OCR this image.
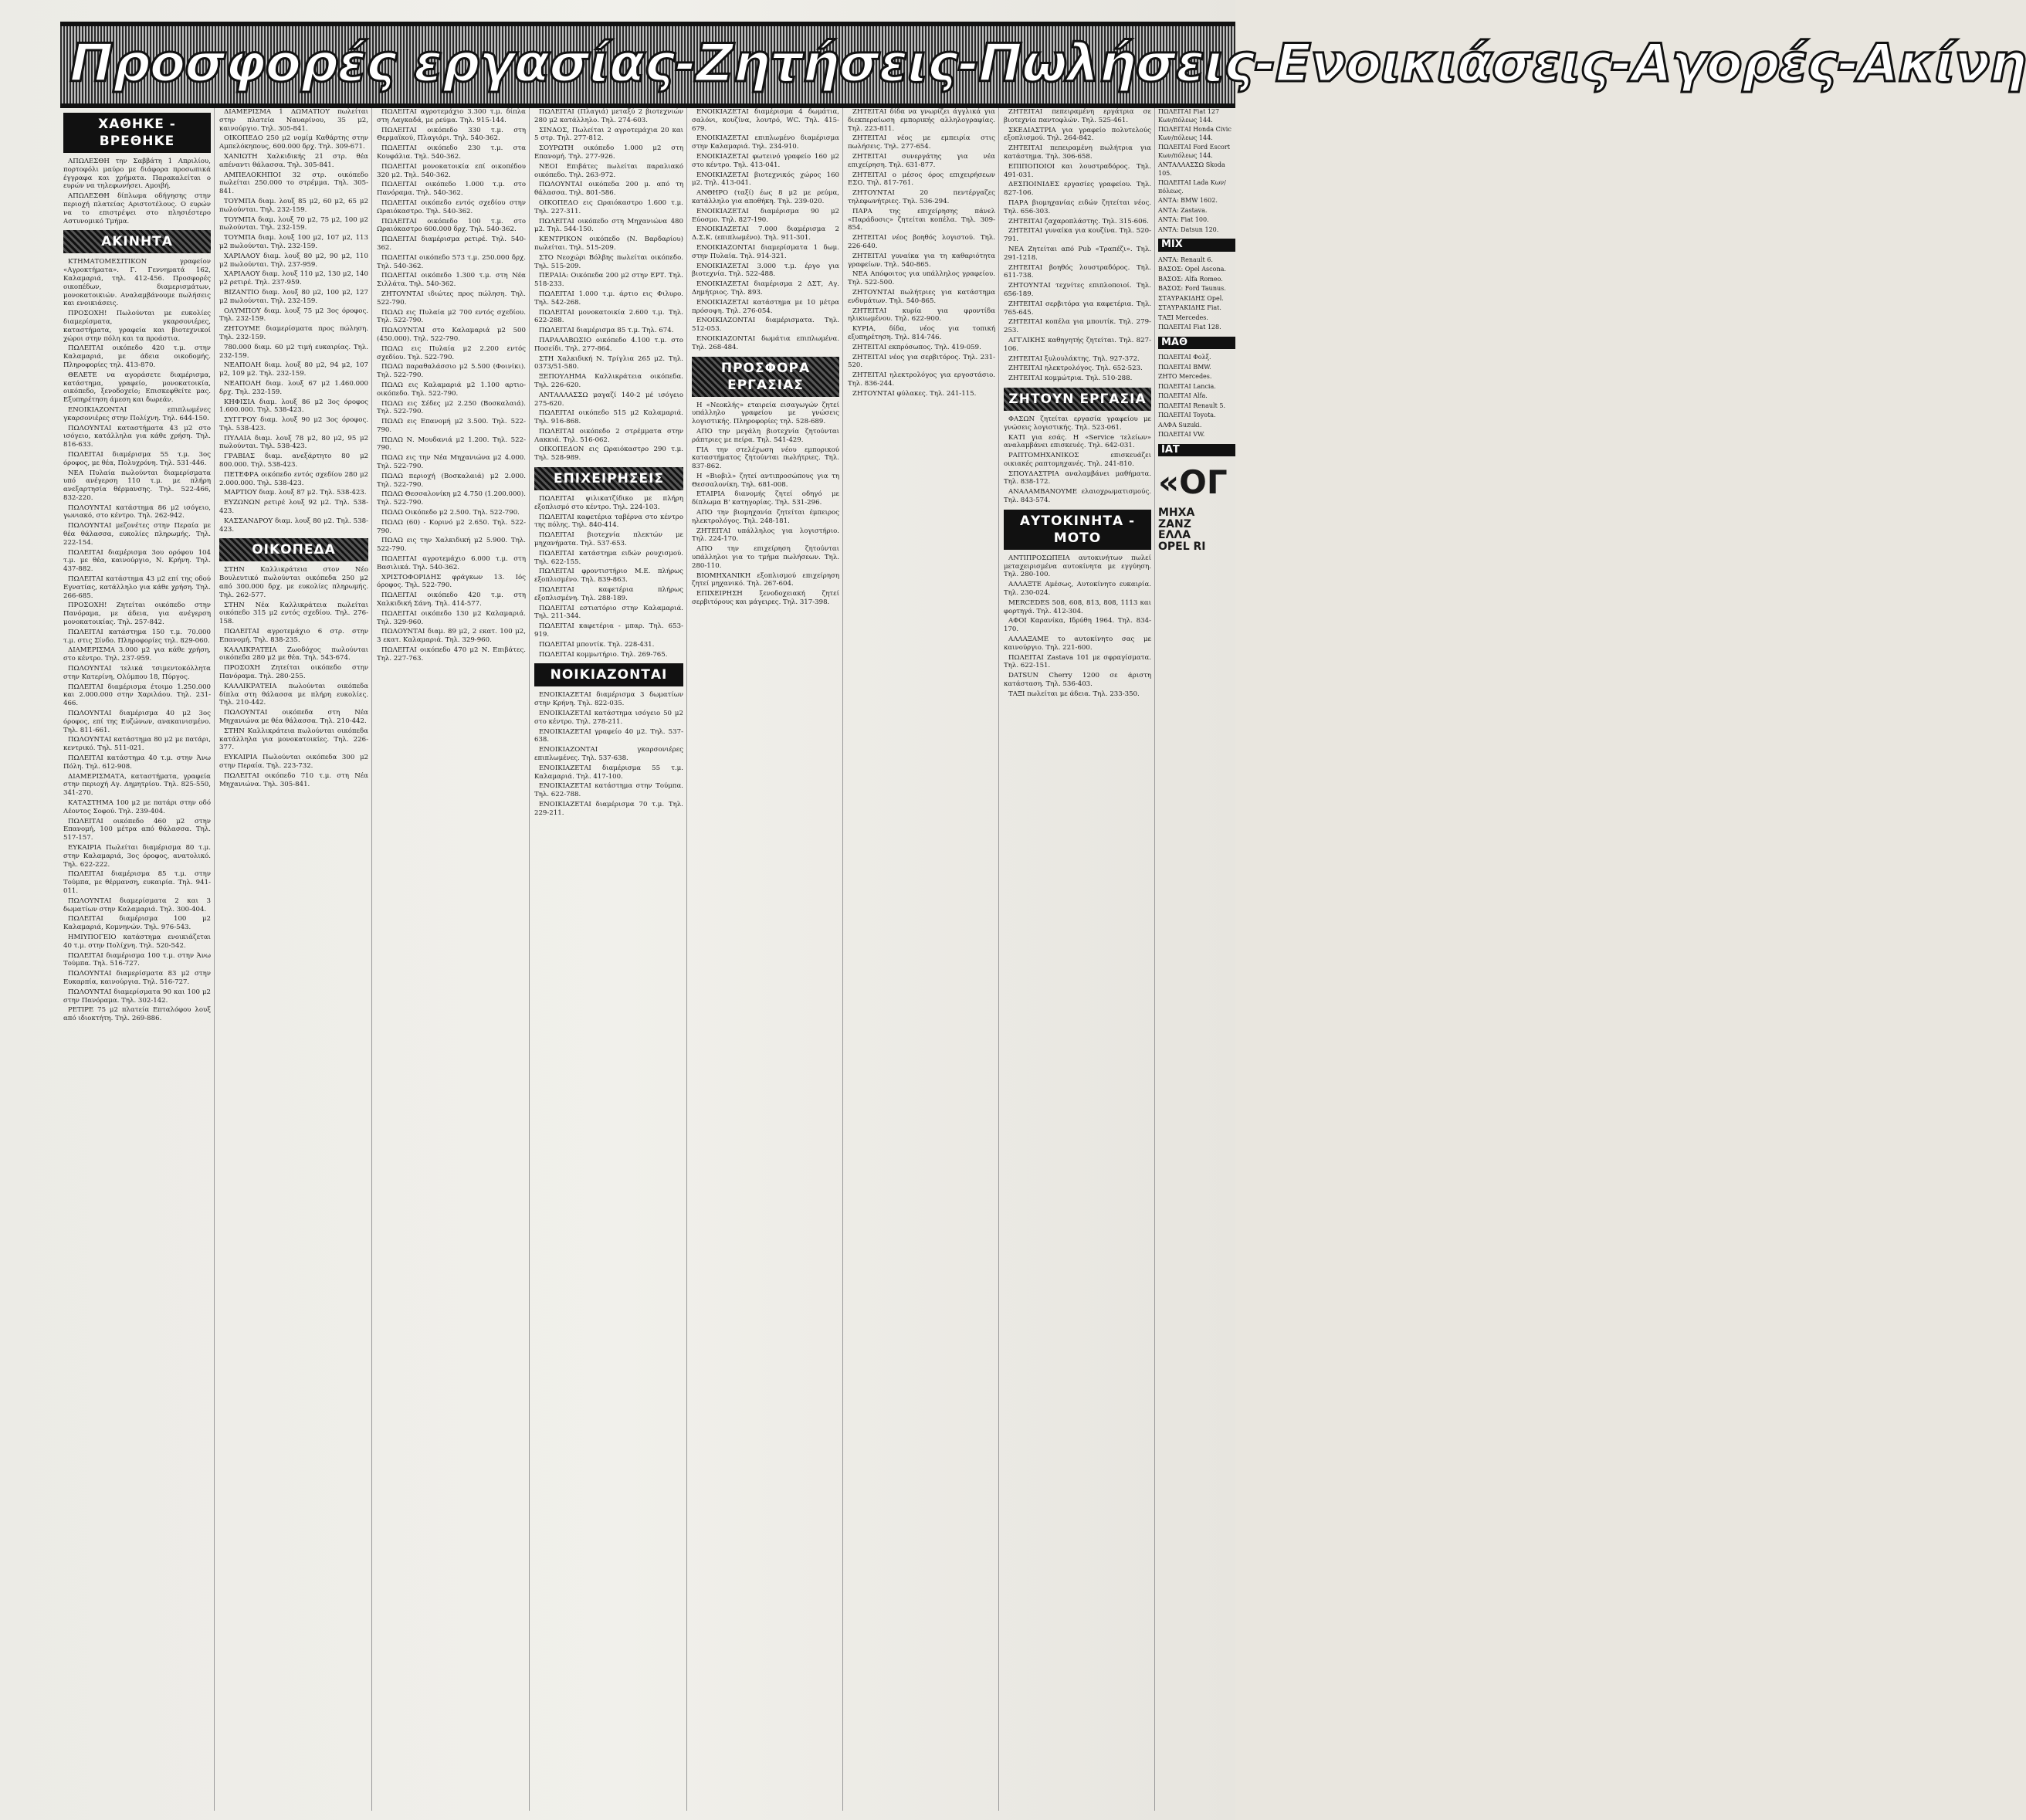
Προσφορές εργασίας-Ζητήσεις-Πωλήσεις-Ενοικιάσεις-Αγορές-Ακίνη
ΧΑΘΗΚΕ - ΒΡΕΘΗΚΕ

ΑΠΩΛΕΣΘΗ την Σαββάτη 1 Απριλίου, πορτοφόλι μαύρο με διάφορα προσωπικά έγγραφα και χρήματα. Παρακαλείται ο ευρών να τηλεφωνήσει. Αμοιβή.

ΑΠΩΛΕΣΘΗ δίπλωμα οδήγησης στην περιοχή πλατείας Αριστοτέλους. Ο ευρών να το επιστρέψει στο πλησιέστερο Αστυνομικό Τμήμα.

ΑΚΙΝΗΤΑ

ΚΤΗΜΑΤΟΜΕΣΙΤΙΚΟΝ γραφείον «Αγροκτήματα». Γ. Γεννηματά 162, Καλαμαριά, τηλ. 412-456. Προσφορές οικοπέδων, διαμερισμάτων, μονοκατοικιών. Αναλαμβάνουμε πωλήσεις και ενοικιάσεις.

ΠΡΟΣΟΧΗ! Πωλούνται με ευκολίες διαμερίσματα, γκαρσονιέρες, καταστήματα, γραφεία και βιοτεχνικοί χώροι στην πόλη και τα προάστια.

ΠΩΛΕΙΤΑΙ οικόπεδο 420 τ.μ. στην Καλαμαριά, με άδεια οικοδομής. Πληροφορίες τηλ. 413-870.

ΘΕΛΕΤΕ να αγοράσετε διαμέρισμα, κατάστημα, γραφείο, μονοκατοικία, οικόπεδο, ξενοδοχείο; Επισκεφθείτε μας. Εξυπηρέτηση άμεση και δωρεάν.

ΕΝΟΙΚΙΑΖΟΝΤΑΙ επιπλωμένες γκαρσονιέρες στην Πολίχνη. Τηλ. 644-150.

ΠΩΛΟΥΝΤΑΙ καταστήματα 43 μ2 στο ισόγειο, κατάλληλα για κάθε χρήση. Τηλ. 816-633.

ΠΩΛΕΙΤΑΙ διαμέρισμα 55 τ.μ. 3ος όροφος, με θέα, Πολυχρόνη. Τηλ. 531-446.

ΝΕΑ Πυλαία πωλούνται διαμερίσματα υπό ανέγερση 110 τ.μ. με πλήρη ανεξαρτησία θέρμανσης. Τηλ. 522-466, 832-220.

ΠΩΛΟΥΝΤΑΙ κατάστημα 86 μ2 ισόγειο, γωνιακό, στο κέντρο. Τηλ. 262-942.

ΠΩΛΟΥΝΤΑΙ μεζονέτες στην Περαία με θέα θάλασσα, ευκολίες πληρωμής. Τηλ. 222-154.

ΠΩΛΕΙΤΑΙ διαμέρισμα 3ου ορόφου 104 τ.μ. με θέα, καινούργιο, Ν. Κρήνη. Τηλ. 437-882.

ΠΩΛΕΙΤΑΙ κατάστημα 43 μ2 επί της οδού Εγνατίας, κατάλληλο για κάθε χρήση. Τηλ. 266-685.

ΠΡΟΣΟΧΗ! Ζητείται οικόπεδο στην Πανόραμα, με άδεια, για ανέγερση μονοκατοικίας. Τηλ. 257-842.

ΠΩΛΕΙΤΑΙ κατάστημα 150 τ.μ. 70.000 τ.μ. στις Σίνδο. Πληροφορίες τηλ. 829-060.

ΔΙΑΜΕΡΙΣΜΑ 3.000 μ2 για κάθε χρήση, στο κέντρο. Τηλ. 237-959.

ΠΩΛΟΥΝΤΑΙ τελικά τσιμεντοκόλλητα στην Κατερίνη, Ολύμπου 18, Πύργος.

ΠΩΛΕΙΤΑΙ διαμέρισμα έτοιμο 1.250.000 και 2.000.000 στην Χαριλάου. Τηλ. 231-466.

ΠΩΛΟΥΝΤΑΙ διαμέρισμα 40 μ2 3ος όροφος, επί της Ευζώνων, ανακαινισμένο. Τηλ. 811-661.

ΠΩΛΟΥΝΤΑΙ κατάστημα 80 μ2 με πατάρι, κεντρικό. Τηλ. 511-021.

ΠΩΛΕΙΤΑΙ κατάστημα 40 τ.μ. στην Άνω Πόλη. Τηλ. 612-908.

ΔΙΑΜΕΡΙΣΜΑΤΑ, καταστήματα, γραφεία στην περιοχή Αγ. Δημητρίου. Τηλ. 825-550, 341-270.

ΚΑΤΑΣΤΗΜΑ 100 μ2 με πατάρι στην οδό Λέοντος Σοφού. Τηλ. 239-404.

ΠΩΛΕΙΤΑΙ οικόπεδο 460 μ2 στην Επανομή, 100 μέτρα από θάλασσα. Τηλ. 517-157.

ΕΥΚΑΙΡΙΑ Πωλείται διαμέρισμα 80 τ.μ. στην Καλαμαριά, 3ος όροφος, ανατολικό. Τηλ. 622-222.

ΠΩΛΕΙΤΑΙ διαμέρισμα 85 τ.μ. στην Τούμπα, με θέρμανση, ευκαιρία. Τηλ. 941-011.

ΠΩΛΟΥΝΤΑΙ διαμερίσματα 2 και 3 δωματίων στην Καλαμαριά. Τηλ. 300-404.

ΠΩΛΕΙΤΑΙ διαμέρισμα 100 μ2 Καλαμαριά, Κομνηνών. Τηλ. 976-543.

ΗΜΙΥΠΟΓΕΙΟ κατάστημα ενοικιάζεται 40 τ.μ. στην Πολίχνη. Τηλ. 520-542.

ΠΩΛΕΙΤΑΙ διαμέρισμα 100 τ.μ. στην Άνω Τούμπα. Τηλ. 516-727.

ΠΩΛΟΥΝΤΑΙ διαμερίσματα 83 μ2 στην Ευκαρπία, καινούργια. Τηλ. 516-727.

ΠΩΛΟΥΝΤΑΙ διαμερίσματα 90 και 100 μ2 στην Πανόραμα. Τηλ. 302-142.

ΡΕΤΙΡΕ 75 μ2 πλατεία Επταλόφου λουξ από ιδιοκτήτη. Τηλ. 269-886.

ΔΙΑΜΕΡΙΣΜΑ 1 ΔΩΜΑΤΙΟΥ πωλείται στην πλατεία Ναυαρίνου, 35 μ2, καινούργιο. Τηλ. 305-841.

ΟΙΚΟΠΕΔΟ 250 μ2 νομίμ Καθάρτης στην Αμπελόκηπους, 600.000 δρχ. Τηλ. 309-671.

ΧΑΝΙΩΤΗ Χαλκιδικής 21 στρ. θέα απέναντι θάλασσα. Τηλ. 305-841.

ΑΜΠΕΛΟΚΗΠΟΙ 32 στρ. οικόπεδο πωλείται 250.000 το στρέμμα. Τηλ. 305-841.

ΤΟΥΜΠΑ διαμ. λουξ 85 μ2, 60 μ2, 65 μ2 πωλούνται. Τηλ. 232-159.

ΤΟΥΜΠΑ διαμ. λουξ 70 μ2, 75 μ2, 100 μ2 πωλούνται. Τηλ. 232-159.

ΤΟΥΜΠΑ διαμ. λουξ 100 μ2, 107 μ2, 113 μ2 πωλούνται. Τηλ. 232-159.

ΧΑΡΙΛΑΟΥ διαμ. λουξ 80 μ2, 90 μ2, 110 μ2 πωλούνται. Τηλ. 237-959.

ΧΑΡΙΛΑΟΥ διαμ. λουξ 110 μ2, 130 μ2, 140 μ2 ρετιρέ. Τηλ. 237-959.

ΒΙΖΑΝΤΙΟ διαμ. λουξ 80 μ2, 100 μ2, 127 μ2 πωλούνται. Τηλ. 232-159.

ΟΛΥΜΠΟΥ διαμ. λουξ 75 μ2 3ος όροφος. Τηλ. 232-159.

ΖΗΤΟΥΜΕ διαμερίσματα προς πώληση. Τηλ. 232-159.

780.000 διαμ. 60 μ2 τιμή ευκαιρίας. Τηλ. 232-159.

ΝΕΑΠΟΛΗ διαμ. λουξ 80 μ2, 94 μ2, 107 μ2, 109 μ2. Τηλ. 232-159.

ΝΕΑΠΟΛΗ διαμ. λουξ 67 μ2 1.460.000 δρχ. Τηλ. 232-159.

ΚΗΦΙΣΙΑ διαμ. λουξ 86 μ2 3ος όροφος 1.600.000. Τηλ. 538-423.

ΣΥΓΓΡΟΥ διαμ. λουξ 90 μ2 3ος όροφος. Τηλ. 538-423.

ΠΥΛΑΙΑ διαμ. λουξ 78 μ2, 80 μ2, 95 μ2 πωλούνται. Τηλ. 538-423.

ΓΡΑΒΙΑΣ διαμ. ανεξάρτητο 80 μ2 800.000. Τηλ. 538-423.

ΠΕΤΕΦΡΑ οικόπεδο εντός σχεδίου 280 μ2 2.000.000. Τηλ. 538-423.

ΜΑΡΤΙΟΥ διαμ. λουξ 87 μ2. Τηλ. 538-423.

ΕΥΖΩΝΩΝ ρετιρέ λουξ 92 μ2. Τηλ. 538-423.

ΚΑΣΣΑΝΔΡΟΥ διαμ. λουξ 80 μ2. Τηλ. 538-423.

ΟΙΚΟΠΕΔΑ

ΣΤΗΝ Καλλικράτεια στον Νέο Βουλευτικό πωλούνται οικόπεδα 250 μ2 από 300.000 δρχ. με ευκολίες πληρωμής. Τηλ. 262-577.

ΣΤΗΝ Νέα Καλλικράτεια πωλείται οικόπεδο 315 μ2 εντός σχεδίου. Τηλ. 276-158.

ΠΩΛΕΙΤΑΙ αγροτεμάχιο 6 στρ. στην Επανομή. Τηλ. 838-235.

ΚΑΛΛΙΚΡΑΤΕΙΑ Ζωοδόχος πωλούνται οικόπεδα 280 μ2 με θέα. Τηλ. 543-674.

ΠΡΟΣΟΧΗ Ζητείται οικόπεδο στην Πανόραμα. Τηλ. 280-255.

ΚΑΛΛΙΚΡΑΤΕΙΑ πωλούνται οικόπεδα δίπλα στη θάλασσα με πλήρη ευκολίες. Τηλ. 210-442.

ΠΩΛΟΥΝΤΑΙ οικόπεδα στη Νέα Μηχανιώνα με θέα θάλασσα. Τηλ. 210-442.

ΣΤΗΝ Καλλικράτεια πωλούνται οικόπεδα κατάλληλα για μονοκατοικίες. Τηλ. 226-377.

ΕΥΚΑΙΡΙΑ Πωλούνται οικόπεδα 300 μ2 στην Περαία. Τηλ. 223-732.

ΠΩΛΕΙΤΑΙ οικόπεδο 710 τ.μ. στη Νέα Μηχανιώνα. Τηλ. 305-841.

ΠΩΛΕΙΤΑΙ αγροτεμάχιο 3.300 τ.μ. δίπλα στη Λαγκαδά, με ρεύμα. Τηλ. 915-144.

ΠΩΛΕΙΤΑΙ οικόπεδο 330 τ.μ. στη Θερμαϊκού, Πλαγιάρι. Τηλ. 540-362.

ΠΩΛΕΙΤΑΙ οικόπεδο 230 τ.μ. στα Κουφάλια. Τηλ. 540-362.

ΠΩΛΕΙΤΑΙ μονοκατοικία επί οικοπέδου 320 μ2. Τηλ. 540-362.

ΠΩΛΕΙΤΑΙ οικόπεδο 1.000 τ.μ. στο Πανόραμα. Τηλ. 540-362.

ΠΩΛΕΙΤΑΙ οικόπεδο εντός σχεδίου στην Ωραιόκαστρο. Τηλ. 540-362.

ΠΩΛΕΙΤΑΙ οικόπεδο 100 τ.μ. στο Ωραιόκαστρο 600.000 δρχ. Τηλ. 540-362.

ΠΩΛΕΙΤΑΙ διαμέρισμα ρετιρέ. Τηλ. 540-362.

ΠΩΛΕΙΤΑΙ οικόπεδο 573 τ.μ. 250.000 δρχ. Τηλ. 540-362.

ΠΩΛΕΙΤΑΙ οικόπεδο 1.300 τ.μ. στη Νέα Σιλλάτα. Τηλ. 540-362.

ΖΗΤΟΥΝΤΑΙ ιδιώτες προς πώληση. Τηλ. 522-790.

ΠΩΛΩ εις Πυλαία μ2 700 εντός σχεδίου. Τηλ. 522-790.

ΠΩΛΟΥΝΤΑΙ στο Καλαμαριά μ2 500 (450.000). Τηλ. 522-790.

ΠΩΛΩ εις Πυλαία μ2 2.200 εντός σχεδίου. Τηλ. 522-790.

ΠΩΛΩ παραθαλάσσιο μ2 5.500 (Φοινίκι). Τηλ. 522-790.

ΠΩΛΩ εις Καλαμαριά μ2 1.100 αρτιο-οικόπεδο. Τηλ. 522-790.

ΠΩΛΩ εις Σέδες μ2 2.250 (Βοσκαλαιά). Τηλ. 522-790.

ΠΩΛΩ εις Επανομή μ2 3.500. Τηλ. 522-790.

ΠΩΛΩ Ν. Μουδανιά μ2 1.200. Τηλ. 522-790.

ΠΩΛΩ εις την Νέα Μηχανιώνα μ2 4.000. Τηλ. 522-790.

ΠΩΛΩ περιοχή (Βοσκαλαιά) μ2 2.000. Τηλ. 522-790.

ΠΩΛΩ Θεσσαλονίκη μ2 4.750 (1.200.000). Τηλ. 522-790.

ΠΩΛΩ Οικόπεδο μ2 2.500. Τηλ. 522-790.

ΠΩΛΩ (60) - Κορινό μ2 2.650. Τηλ. 522-790.

ΠΩΛΩ εις την Χαλκιδική μ2 5.900. Τηλ. 522-790.

ΠΩΛΕΙΤΑΙ αγροτεμάχιο 6.000 τ.μ. στη Βασιλικά. Τηλ. 540-362.

ΧΡΙΣΤΟΦΟΡΙΔΗΣ φράγκων 13. Ιός όροφος. Τηλ. 522-790.

ΠΩΛΕΙΤΑΙ οικόπεδο 420 τ.μ. στη Χαλκιδική Σάνη. Τηλ. 414-577.

ΠΩΛΕΙΤΑΙ οικόπεδο 130 μ2 Καλαμαριά. Τηλ. 329-960.

ΠΩΛΟΥΝΤΑΙ διαμ. 89 μ2, 2 εκατ. 100 μ2, 3 εκατ. Καλαμαριά. Τηλ. 329-960.

ΠΩΛΕΙΤΑΙ οικόπεδο 470 μ2 Ν. Επιβάτες. Τηλ. 227-763.

ΠΩΛΕΙΤΑΙ (Πλαγιά) μεταξύ 2 βιοτεχνιών 280 μ2 κατάλληλο. Τηλ. 274-603.

ΣΙΝΔΟΣ, Πωλείται 2 αγροτεμάχια 20 και 5 στρ. Τηλ. 277-812.

ΣΟΥΡΩΤΗ οικόπεδο 1.000 μ2 στη Επανομή. Τηλ. 277-926.

ΝΕΟΙ Επιβάτες πωλείται παραλιακό οικόπεδο. Τηλ. 263-972.

ΠΩΛΟΥΝΤΑΙ οικόπεδα 200 μ. από τη θάλασσα. Τηλ. 801-586.

ΟΙΚΟΠΕΔΟ εις Ωραιόκαστρο 1.600 τ.μ. Τηλ. 227-311.

ΠΩΛΕΙΤΑΙ οικόπεδο στη Μηχανιώνα 480 μ2. Τηλ. 544-150.

ΚΕΝΤΡΙΚΟΝ οικόπεδο (Ν. Βαρδαρίου) πωλείται. Τηλ. 515-209.

ΣΤΟ Νεοχώρι Βόλβης πωλείται οικόπεδο. Τηλ. 515-209.

ΠΕΡΑΙΑ: Οικόπεδα 200 μ2 στην ΕΡΤ. Τηλ. 518-233.

ΠΩΛΕΙΤΑΙ 1.000 τ.μ. άρτιο εις Φιλυρο. Τηλ. 542-268.

ΠΩΛΕΙΤΑΙ μονοκατοικία 2.600 τ.μ. Τηλ. 622-288.

ΠΩΛΕΙΤΑΙ διαμέρισμα 85 τ.μ. Τηλ. 674.

ΠΑΡΑΛΑΒΩΣΙΟ οικόπεδο 4.100 τ.μ. στο Ποσείδι. Τηλ. 277-864.

ΣΤΗ Χαλκιδική Ν. Τρίγλια 265 μ2. Τηλ. 0373/51-580.

ΞΕΠΟΥΛΗΜΑ Καλλικράτεια οικόπεδα. Τηλ. 226-620.

ΑΝΤΑΛΛΑΣΣΩ μαγαζί 140-2 μέ ισόγειο 275-620.

ΠΩΛΕΙΤΑΙ οικόπεδο 515 μ2 Καλαμαριά. Τηλ. 916-868.

ΠΩΛΕΙΤΑΙ οικόπεδο 2 στρέμματα στην Λακκιά. Τηλ. 516-062.

ΟΙΚΟΠΕΔΟΝ εις Ωραιόκαστρο 290 τ.μ. Τηλ. 528-989.

ΕΠΙΧΕΙΡΗΣΕΙΣ

ΠΩΛΕΙΤΑΙ ψιλικατζίδικο με πλήρη εξοπλισμό στο κέντρο. Τηλ. 224-103.

ΠΩΛΕΙΤΑΙ καφετέρια ταβέρνα στο κέντρο της πόλης. Τηλ. 840-414.

ΠΩΛΕΙΤΑΙ βιοτεχνία πλεκτών με μηχανήματα. Τηλ. 537-653.

ΠΩΛΕΙΤΑΙ κατάστημα ειδών ρουχισμού. Τηλ. 622-155.

ΠΩΛΕΙΤΑΙ φροντιστήριο Μ.Ε. πλήρως εξοπλισμένο. Τηλ. 839-863.

ΠΩΛΕΙΤΑΙ καφετέρια πλήρως εξοπλισμένη. Τηλ. 288-189.

ΠΩΛΕΙΤΑΙ εστιατόριο στην Καλαμαριά. Τηλ. 211-344.

ΠΩΛΕΙΤΑΙ καφετέρια - μπαρ. Τηλ. 653-919.

ΠΩΛΕΙΤΑΙ μπουτίκ. Τηλ. 228-431.

ΠΩΛΕΙΤΑΙ κομμωτήριο. Τηλ. 269-765.

ΝΟΙΚΙΑΖΟΝΤΑΙ

ΕΝΟΙΚΙΑΖΕΤΑΙ διαμέρισμα 3 δωματίων στην Κρήνη. Τηλ. 822-035.

ΕΝΟΙΚΙΑΖΕΤΑΙ κατάστημα ισόγειο 50 μ2 στο κέντρο. Τηλ. 278-211.

ΕΝΟΙΚΙΑΖΕΤΑΙ γραφείο 40 μ2. Τηλ. 537-638.

ΕΝΟΙΚΙΑΖΟΝΤΑΙ γκαρσονιέρες επιπλωμένες. Τηλ. 537-638.

ΕΝΟΙΚΙΑΖΕΤΑΙ διαμέρισμα 55 τ.μ. Καλαμαριά. Τηλ. 417-100.

ΕΝΟΙΚΙΑΖΕΤΑΙ κατάστημα στην Τούμπα. Τηλ. 622-788.

ΕΝΟΙΚΙΑΖΕΤΑΙ διαμέρισμα 70 τ.μ. Τηλ. 229-211.

ΕΝΟΙΚΙΑΖΕΤΑΙ διαμέρισμα 4 δωμάτια, σαλόνι, κουζίνα, λουτρό, WC. Τηλ. 415-679.

ΕΝΟΙΚΙΑΖΕΤΑΙ επιπλωμένο διαμέρισμα στην Καλαμαριά. Τηλ. 234-910.

ΕΝΟΙΚΙΑΖΕΤΑΙ φωτεινό γραφείο 160 μ2 στο κέντρο. Τηλ. 413-041.

ΕΝΟΙΚΙΑΖΕΤΑΙ βιοτεχνικός χώρος 160 μ2. Τηλ. 413-041.

ΑΝΘΗΡΟ (ταξί) έως 8 μ2 με ρεύμα, κατάλληλο για αποθήκη. Τηλ. 239-020.

ΕΝΟΙΚΙΑΖΕΤΑΙ διαμέρισμα 90 μ2 Εύοσμο. Τηλ. 827-190.

ΕΝΟΙΚΙΑΖΕΤΑΙ 7.000 διαμέρισμα 2 Δ.Σ.Κ. (επιπλωμένο). Τηλ. 911-301.

ΕΝΟΙΚΙΑΖΟΝΤΑΙ διαμερίσματα 1 δωμ. στην Πυλαία. Τηλ. 914-321.

ΕΝΟΙΚΙΑΖΕΤΑΙ 3.000 τ.μ. έργο για βιοτεχνία. Τηλ. 522-488.

ΕΝΟΙΚΙΑΖΕΤΑΙ διαμέρισμα 2 ΔΣΤ, Αγ. Δημήτριος. Τηλ. 893.

ΕΝΟΙΚΙΑΖΕΤΑΙ κατάστημα με 10 μέτρα πρόσοψη. Τηλ. 276-054.

ΕΝΟΙΚΙΑΖΟΝΤΑΙ διαμέρισματα. Τηλ. 512-053.

ΕΝΟΙΚΙΑΖΟΝΤΑΙ δωμάτια επιπλωμένα. Τηλ. 268-484.

ΠΡΟΣΦΟΡΑ ΕΡΓΑΣΙΑΣ

Η «Νεοκλής» εταιρεία εισαγωγών ζητεί υπάλληλο γραφείου με γνώσεις λογιστικής. Πληροφορίες τηλ. 528-689.

ΑΠΟ την μεγάλη βιοτεχνία ζητούνται ράπτριες με πείρα. Τηλ. 541-429.

ΓΙΑ την στελέχωση νέου εμπορικού καταστήματος ζητούνται πωλήτριες. Τηλ. 837-862.

Η «Βιοβιλ» ζητεί αντιπροσώπους για τη Θεσσαλονίκη. Τηλ. 681-008.

ΕΤΑΙΡΙΑ διανομής ζητεί οδηγό με δίπλωμα Β' κατηγορίας. Τηλ. 531-296.

ΑΠΟ την βιομηχανία ζητείται έμπειρος ηλεκτρολόγος. Τηλ. 248-181.

ΖΗΤΕΙΤΑΙ υπάλληλος για λογιστήριο. Τηλ. 224-170.

ΑΠΟ την επιχείρηση ζητούνται υπάλληλοι για το τμήμα πωλήσεων. Τηλ. 280-110.

ΒΙΟΜΗΧΑΝΙΚΗ εξοπλισμού επιχείρηση ζητεί μηχανικό. Τηλ. 267-604.

ΕΠΙΧΕΙΡΗΣΗ ξενοδοχειακή ζητεί σερβιτόρους και μάγειρες. Τηλ. 317-398.

ΖΗΤΕΙΤΑΙ δίδα να γνωρίζει άγγλικά για διεκπεραίωση εμπορικής αλληλογραφίας. Τηλ. 223-811.

ΖΗΤΕΙΤΑΙ νέος με εμπειρία στις πωλήσεις. Τηλ. 277-654.

ΖΗΤΕΙΤΑΙ συνεργάτης για νέα επιχείρηση. Τηλ. 631-877.

ΖΗΤΕΙΤΑΙ ο μέσος όρος επιχειρήσεων ΕΣΟ. Τηλ. 817-761.

ΖΗΤΟΥΝΤΑΙ 20 πεντέργαζες τηλεφωνήτριες. Τηλ. 536-294.

ΠΑΡΑ της επιχείρησης πάνελ «Παράδοσις» ζητείται κοπέλα. Τηλ. 309-854.

ΖΗΤΕΙΤΑΙ νέος βοηθός λογιστού. Τηλ. 226-640.

ΖΗΤΕΙΤΑΙ γυναίκα για τη καθαριότητα γραφείων. Τηλ. 540-865.

ΝΕΑ Απόφοιτος για υπάλληλος γραφείου. Τηλ. 522-500.

ΖΗΤΟΥΝΤΑΙ πωλήτριες για κατάστημα ενδυμάτων. Τηλ. 540-865.

ΖΗΤΕΙΤΑΙ κυρία για φροντίδα ηλικιωμένου. Τηλ. 622-900.

ΚΥΡΙΑ, δίδα, νέος για τοπική εξυπηρέτηση. Τηλ. 814-746.

ΖΗΤΕΙΤΑΙ εκπρόσωπος. Τηλ. 419-059.

ΖΗΤΕΙΤΑΙ νέος για σερβιτόρος. Τηλ. 231-520.

ΖΗΤΕΙΤΑΙ ηλεκτρολόγος για εργοστάσιο. Τηλ. 836-244.

ΖΗΤΟΥΝΤΑΙ φύλακες. Τηλ. 241-115.

ΖΗΤΕΙΤΑΙ πεπειραμένη εργάτρια σε βιοτεχνία παντοφλών. Τηλ. 525-461.

ΣΚΕΔΙΑΣΤΡΙΑ για γραφείο πολυτελούς εξοπλισμού. Τηλ. 264-842.

ΖΗΤΕΙΤΑΙ πεπειραμένη πωλήτρια για κατάστημα. Τηλ. 306-658.

ΕΠΙΠΟΠΟΙΟΙ και λουστραδόρος. Τηλ. 491-031.

ΔΕΣΠΟΙΝΙΔΕΣ εργασίες γραφείου. Τηλ. 827-106.

ΠΑΡΑ βιομηχανίας ειδών ζητείται νέος. Τηλ. 656-303.

ΖΗΤΕΙΤΑΙ ζαχαροπλάστης. Τηλ. 315-606.

ΖΗΤΕΙΤΑΙ γυναίκα για κουζίνα. Τηλ. 520-791.

ΝΕΑ Ζητείται από Pub «Τραπέζι». Τηλ. 291-1218.

ΖΗΤΕΙΤΑΙ βοηθός λουστραδόρος. Τηλ. 611-738.

ΖΗΤΟΥΝΤΑΙ τεχνίτες επιπλοποιοί. Τηλ. 656-189.

ΖΗΤΕΙΤΑΙ σερβιτόρα για καφετέρια. Τηλ. 765-645.

ΖΗΤΕΙΤΑΙ κοπέλα για μπουτίκ. Τηλ. 279-253.

ΑΓΓΛΙΚΗΣ καθηγητής ζητείται. Τηλ. 827-106.

ΖΗΤΕΙΤΑΙ ξυλουλάκτης. Τηλ. 927-372.

ΖΗΤΕΙΤΑΙ ηλεκτρολόγος. Τηλ. 652-523.

ΖΗΤΕΙΤΑΙ κομμώτρια. Τηλ. 510-288.

ΖΗΤΟΥΝ ΕΡΓΑΣΙΑ

ΦΑΣΩΝ ζητείται εργασία γραφείου με γνώσεις λογιστικής. Τηλ. 523-061.

ΚΑΤΙ για εσάς. Η «Service τελείων» αναλαμβάνει επισκευές. Τηλ. 642-031.

ΡΑΠΤΟΜΗΧΑΝΙΚΟΣ επισκευάζει οικιακές ραπτομηχανές. Τηλ. 241-810.

ΣΠΟΥΔΑΣΤΡΙΑ αναλαμβάνει μαθήματα. Τηλ. 838-172.

ΑΝΑΛΑΜΒΑΝΟΥΜΕ ελαιοχρωματισμούς. Τηλ. 843-574.

ΑΥΤΟΚΙΝΗΤΑ - ΜΟΤΟ

ΑΝΤΙΠΡΟΣΩΠΕΙΑ αυτοκινήτων πωλεί μεταχειρισμένα αυτοκίνητα με εγγύηση. Τηλ. 280-100.

ΑΛΛΑΞΤΕ Αμέσως, Αυτοκίνητο ευκαιρία. Τηλ. 230-024.

MERCEDES 508, 608, 813, 808, 1113 και φορτηγά. Τηλ. 412-304.

ΑΦΟΙ Καρανίκα, Ιδρύθη 1964. Τηλ. 834-170.

ΑΛΛΑΞΑΜΕ το αυτοκίνητο σας με καινούργιο. Τηλ. 221-600.

ΠΩΛΕΙΤΑΙ Zastava 101 με σφραγίσματα. Τηλ. 622-151.

DATSUN Cherry 1200 σε άριστη κατάσταση. Τηλ. 536-403.

ΤΑΞΙ πωλείται με άδεια. Τηλ. 233-350.

ΠΩΛΕΙΤΑΙ Fiat 127 Κων/πόλεως 144.

ΠΩΛΕΙΤΑΙ Honda Civic Κων/πόλεως 144.

ΠΩΛΕΙΤΑΙ Ford Escort Κων/πόλεως 144.

ΑΝΤΑΛΛΑΣΣΩ Skoda 105.

ΠΩΛΕΙΤΑΙ Lada Κων/πόλεως.

ΑΝΤΑ: BMW 1602.

ΑΝΤΑ: Zastava.

ΑΝΤΑ: Fiat 100.

ΑΝΤΑ: Datsun 120.

ΜΙΧ

ΑΝΤΑ: Renault 6.

ΒΑΣΟΣ: Opel Ascona.

ΒΑΣΟΣ: Alfa Romeo.

ΒΑΣΟΣ: Ford Taunus.

ΣΤΑΥΡΑΚΙΔΗΣ Opel.

ΣΤΑΥΡΑΚΙΔΗΣ Fiat.

ΤΑΞΙ Mercedes.

ΠΩΛΕΙΤΑΙ Fiat 128.

ΜΑΘ

ΠΩΛΕΙΤΑΙ Φολξ.

ΠΩΛΕΙΤΑΙ BMW.

ΖΗΤΟ Mercedes.

ΠΩΛΕΙΤΑΙ Lancia.

ΠΩΛΕΙΤΑΙ Alfa.

ΠΩΛΕΙΤΑΙ Renault 5.

ΠΩΛΕΙΤΑΙ Toyota.

ΑΛΦΑ Suzuki.

ΠΩΛΕΙΤΑΙ VW.

ΙΑΤ
«ΟΓ
ΜΗΧΑ
ZANZ
ΕΛΛΑ
OPEL RI
